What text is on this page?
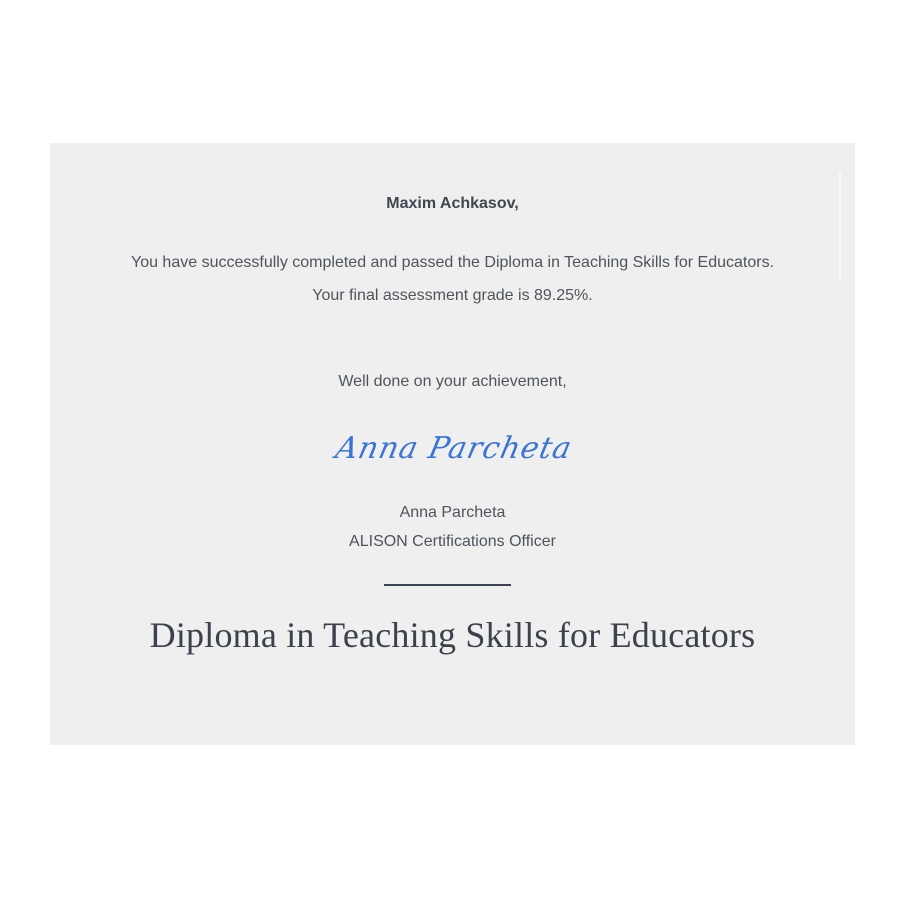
Maxim Achkasov,
You have successfully completed and passed the Diploma in Teaching Skills for Educators.
Your final assessment grade is 89.25%.
Well done on your achievement,
Anna Parcheta
Anna Parcheta
ALISON Certifications Officer
Diploma in Teaching Skills for Educators
